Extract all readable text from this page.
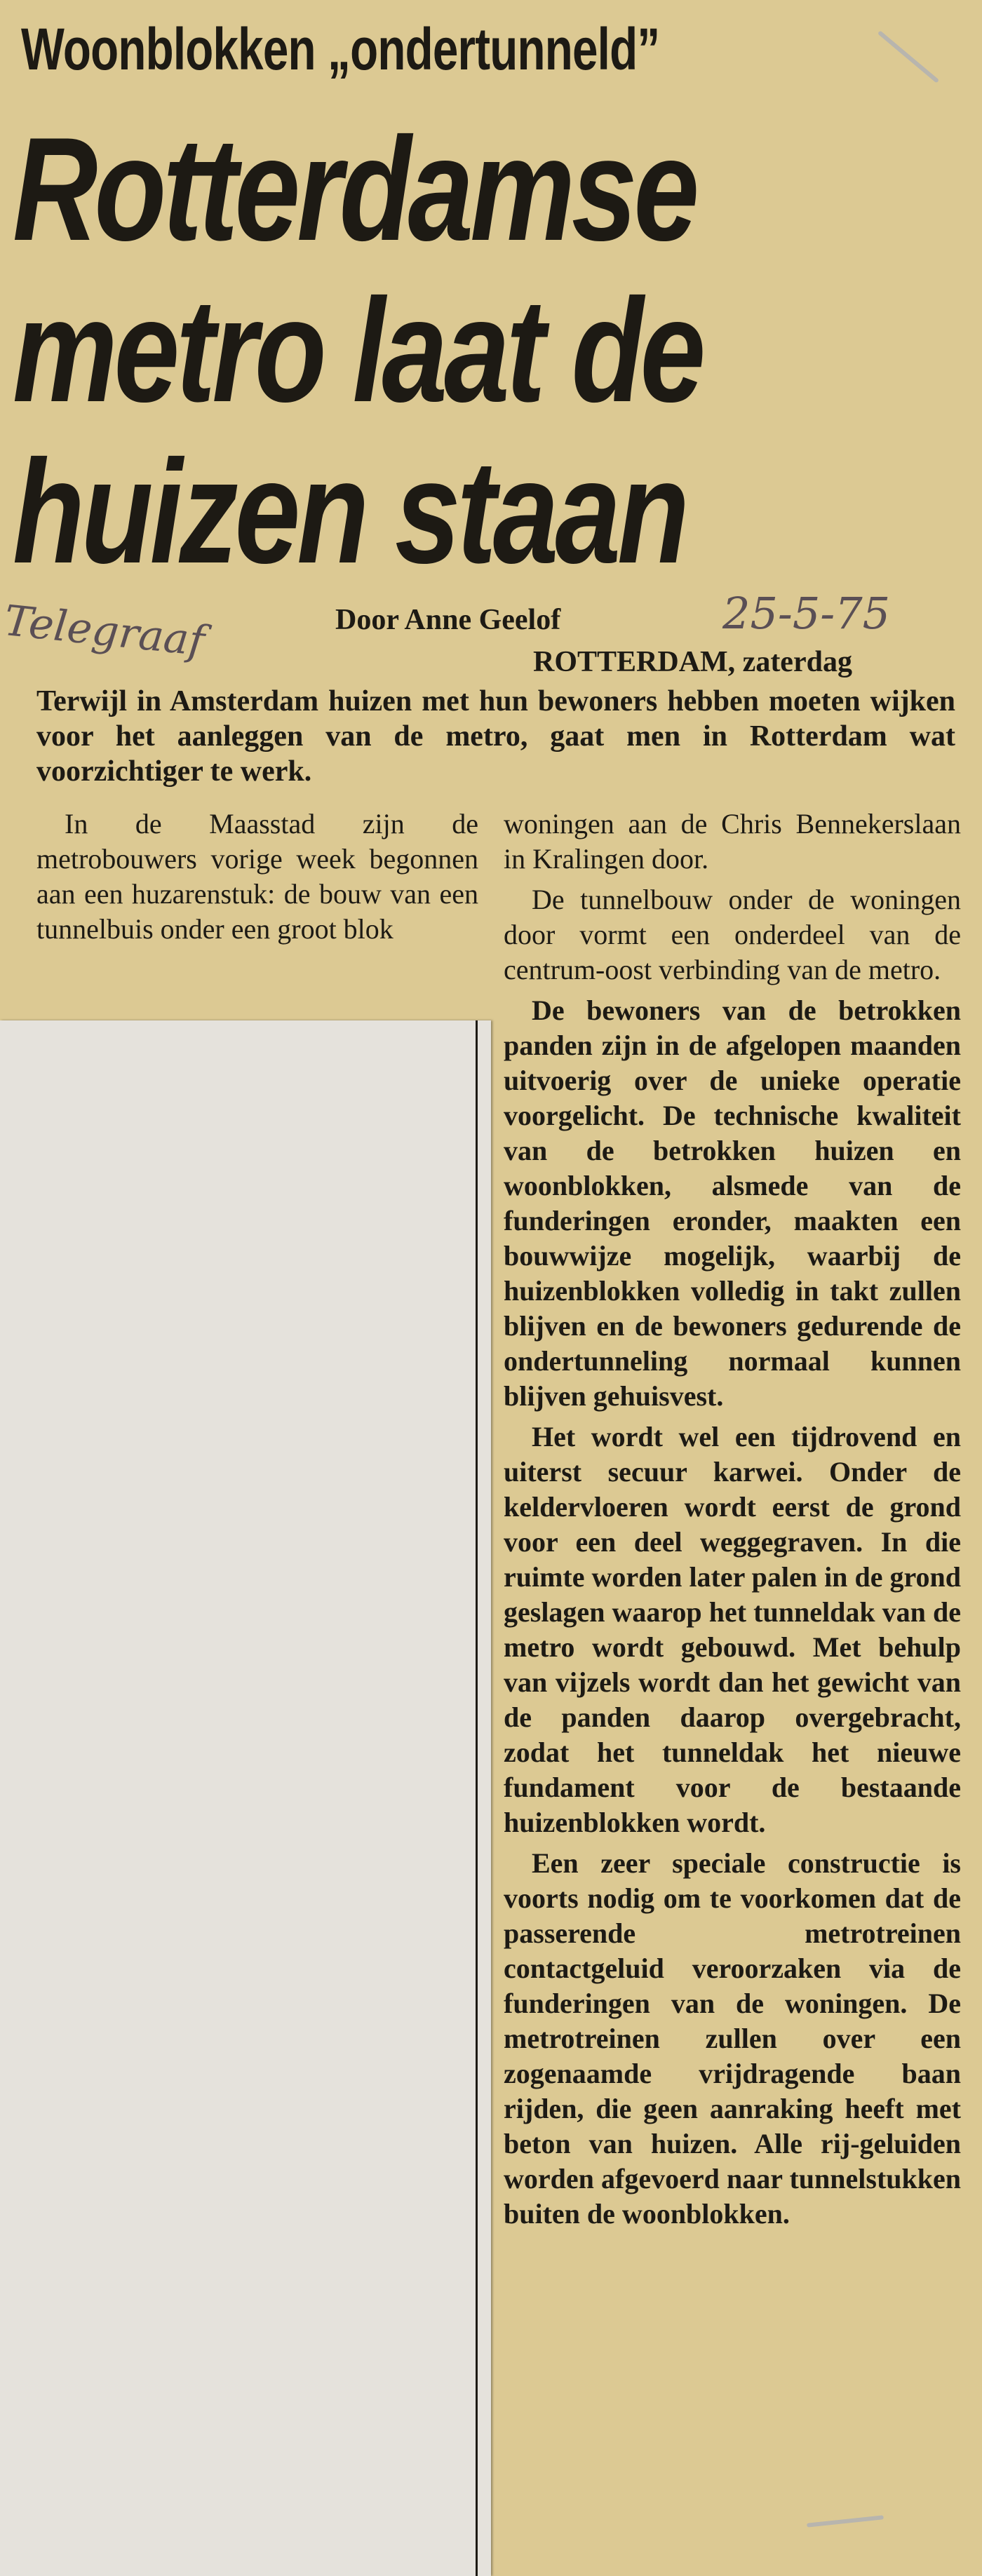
Woonblokken „ondertunneld”
Rotterdamse
metro laat de
huizen staan
Telegraaf	25-5-75
Door Anne Geelof
ROTTERDAM, zaterdag
Terwijl in Amsterdam huizen met hun bewoners hebben moeten wijken voor het aanleggen van de metro, gaat men in Rotterdam wat voorzichtiger te werk.

In de Maasstad zijn de metrobouwers vorige week begonnen aan een huzarenstuk: de bouw van een tunnelbuis onder een groot blok

woningen aan de Chris Bennekerslaan in Kralingen door.

De tunnelbouw onder de woningen door vormt een onderdeel van de centrum-oost verbinding van de metro.

De bewoners van de betrokken panden zijn in de afgelopen maanden uitvoerig over de unieke operatie voorgelicht. De technische kwaliteit van de betrokken huizen en woonblokken, alsmede van de funderingen eronder, maakten een bouwwijze mogelijk, waarbij de huizenblokken volledig in takt zullen blijven en de bewoners gedurende de ondertunneling normaal kunnen blijven gehuisvest.

Het wordt wel een tijdrovend en uiterst secuur karwei. Onder de keldervloeren wordt eerst de grond voor een deel weggegraven. In die ruimte worden later palen in de grond geslagen waarop het tunneldak van de metro wordt gebouwd. Met behulp van vijzels wordt dan het gewicht van de panden daarop overgebracht, zodat het tunneldak het nieuwe fundament voor de bestaande huizenblokken wordt.

Een zeer speciale constructie is voorts nodig om te voorkomen dat de passerende metrotreinen contactgeluid veroorzaken via de funderingen van de woningen. De metrotreinen zullen over een zogenaamde vrijdragende baan rijden, die geen aanraking heeft met beton van huizen. Alle rij-geluiden worden afgevoerd naar tunnelstukken buiten de woonblokken.
